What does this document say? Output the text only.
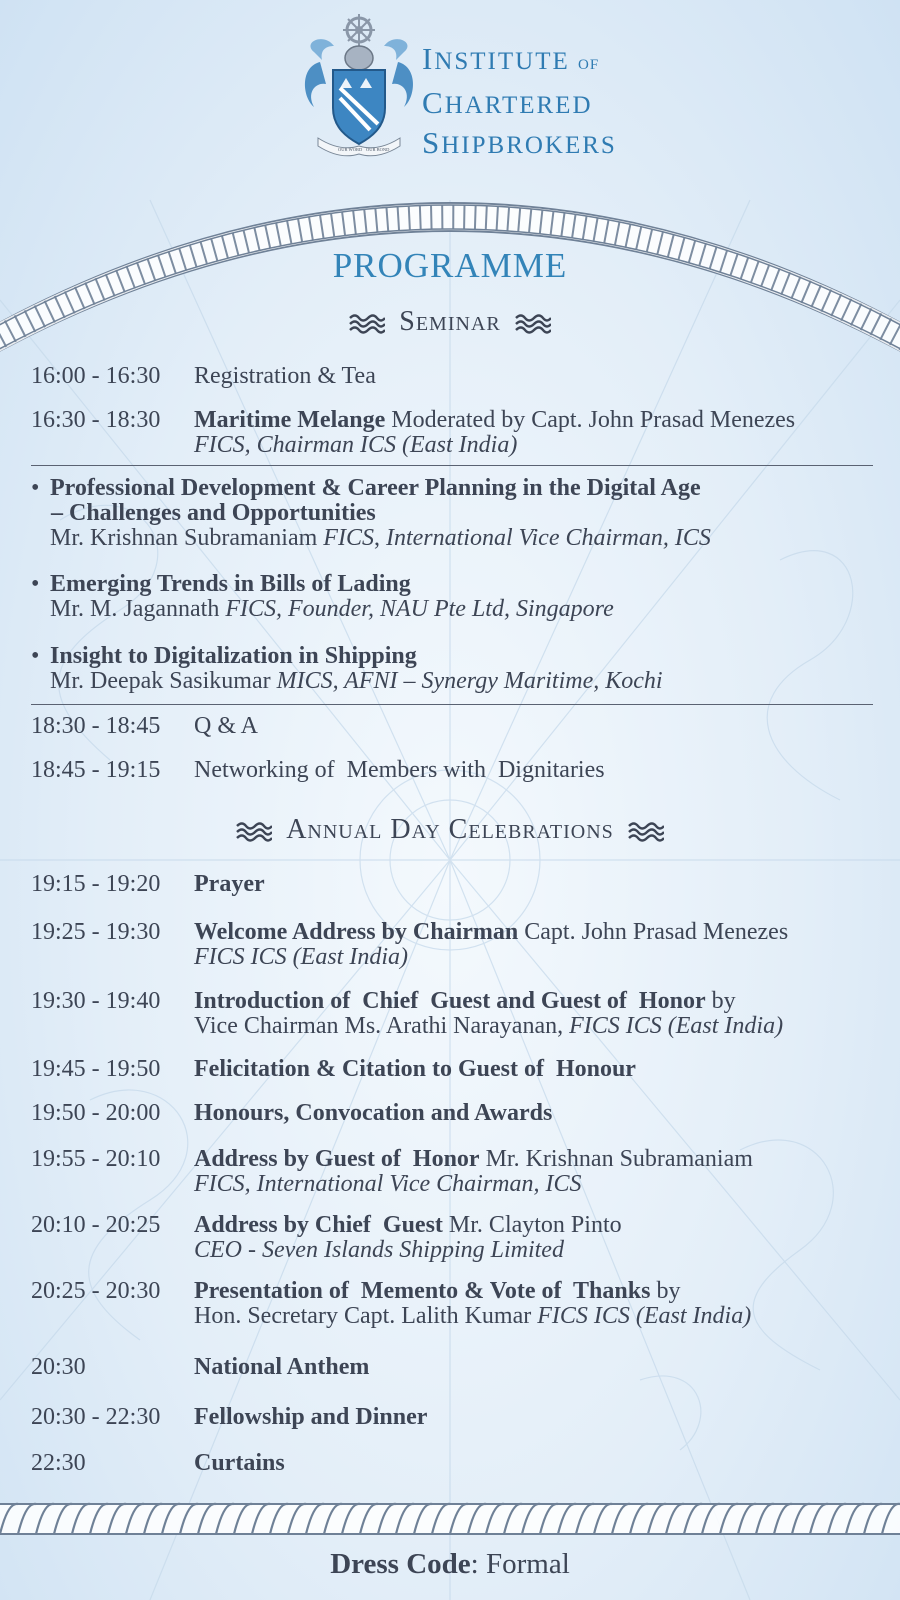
OUR WORD OUR BOND
INSTITUTE OF
CHARTERED
SHIPBROKERS
PROGRAMME
Seminar
16:00 - 16:30	Registration & Tea
16:30 - 18:30	Maritime Melange Moderated by Capt. John Prasad Menezes
FICS, Chairman ICS (East India)
• Professional Development & Career Planning in the Digital Age
– Challenges and Opportunities
Mr. Krishnan Subramaniam FICS, International Vice Chairman, ICS
• Emerging Trends in Bills of Lading
Mr. M. Jagannath FICS, Founder, NAU Pte Ltd, Singapore
• Insight to Digitalization in Shipping
Mr. Deepak Sasikumar MICS, AFNI – Synergy Maritime, Kochi
18:30 - 18:45	Q & A
18:45 - 19:15	Networking of  Members with  Dignitaries
Annual Day Celebrations
19:15 - 19:20	Prayer
19:25 - 19:30	Welcome Address by Chairman Capt. John Prasad Menezes
FICS ICS (East India)
19:30 - 19:40	Introduction of  Chief  Guest and Guest of  Honor by
Vice Chairman Ms. Arathi Narayanan, FICS ICS (East India)
19:45 - 19:50	Felicitation & Citation to Guest of  Honour
19:50 - 20:00	Honours, Convocation and Awards
19:55 - 20:10	Address by Guest of  Honor Mr. Krishnan Subramaniam
FICS, International Vice Chairman, ICS
20:10 - 20:25	Address by Chief  Guest Mr. Clayton Pinto
CEO - Seven Islands Shipping Limited
20:25 - 20:30	Presentation of  Memento & Vote of  Thanks by
Hon. Secretary Capt. Lalith Kumar FICS ICS (East India)
20:30	National Anthem
20:30 - 22:30	Fellowship and Dinner
22:30	Curtains
Dress Code: Formal
